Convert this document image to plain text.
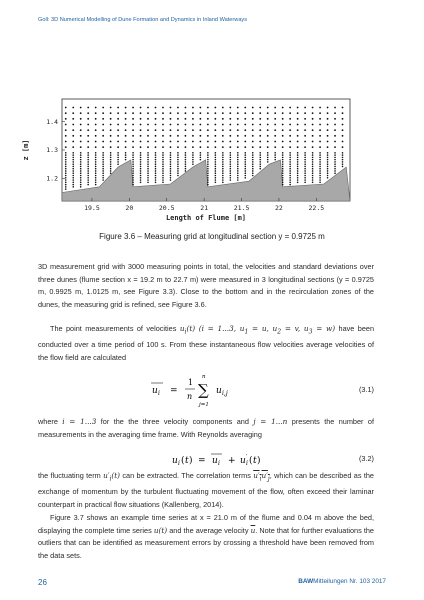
Goll: 3D Numerical Modelling of Dune Formation and Dynamics in Inland Waterways
19.5	20	20.5	21	21.5	22	22.5
1.2
1.3
1.4
Length of Flume [m]
z [m]
Figure 3.6 – Measuring grid at longitudinal section y = 0.9725 m
3D measurement grid with 3000 measuring points in total, the velocities and standard deviations over three dunes (flume section x = 19.2 m to 22.7 m) were measured in 3 longitudinal sections (y = 0.9725 m, 0.9925 m, 1.0125 m, see Figure 3.3). Close to the bottom and in the recirculation zones of the dunes, the measuring grid is refined, see Figure 3.6.
The point measurements of velocities $u_i(t) (i = 1...3$, $u_1 = u$, $u_2 = v$, $u_3 = w$) have been conducted over a time period of 100 s. From these instantaneous flow velocities average velocities of the flow field are calculated
u i =
1
n
n
∑
j=1
u i,j	(3.1)
where i = 1...3 for the the three velocity components and j = 1...n presents the number of measurements in the averaging time frame. With Reynolds averaging
u i ( t ) = u i + u i
′ ( t )	(3.2)
the fluctuating term $u'_i(t)$ can be extracted. The correlation terms $u'_iu'_j$, which can be described as the exchange of momentum by the turbulent fluctuating movement of the flow, often exceed their laminar counterpart in practical flow situations (Kallenberg, 2014).
Figure 3.7 shows an example time series at x = 21.0 m of the flume and 0.04 m above the bed, displaying the complete time series u(t) and the average velocity $\overline{u}$. Note that for further evaluations the outliers that can be identified as measurement errors by crossing a threshold have been removed from the data sets.
26	BAWMitteilungen Nr. 103 2017
